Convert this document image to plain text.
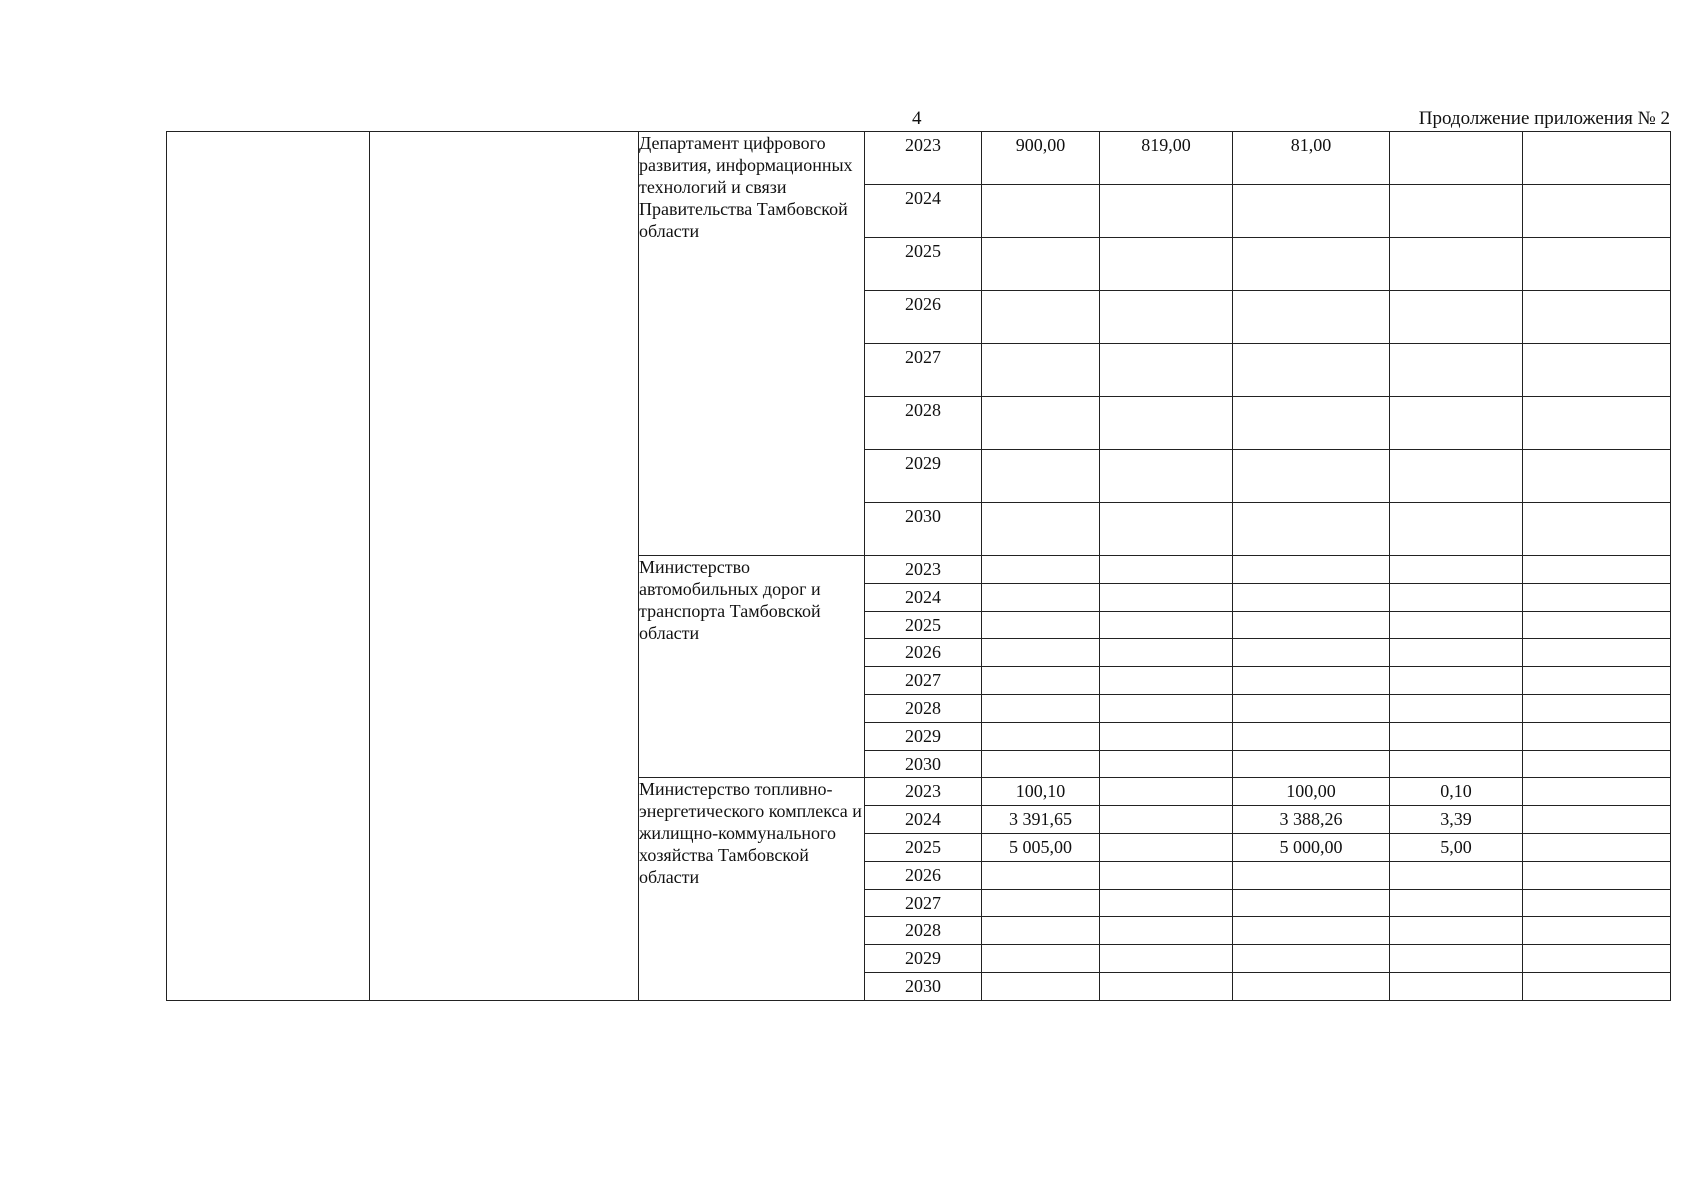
4	Продолжение приложения № 2
		Департамент цифрового развития, информационных технологий и связи Правительства Тамбовской области	2023	900,00	819,00	81,00		
			2024					
			2025					
			2026					
			2027					
			2028					
			2029					
			2030					
		Министерство автомобильных дорог и транспорта Тамбовской области	2023					
			2024					
			2025					
			2026					
			2027					
			2028					
			2029					
			2030					
		Министерство топливно-энергетического комплекса и жилищно-коммунального хозяйства Тамбовской области	2023	100,10		100,00	0,10	
			2024	3 391,65		3 388,26	3,39	
			2025	5 005,00		5 000,00	5,00	
			2026					
			2027					
			2028					
			2029					
			2030					
